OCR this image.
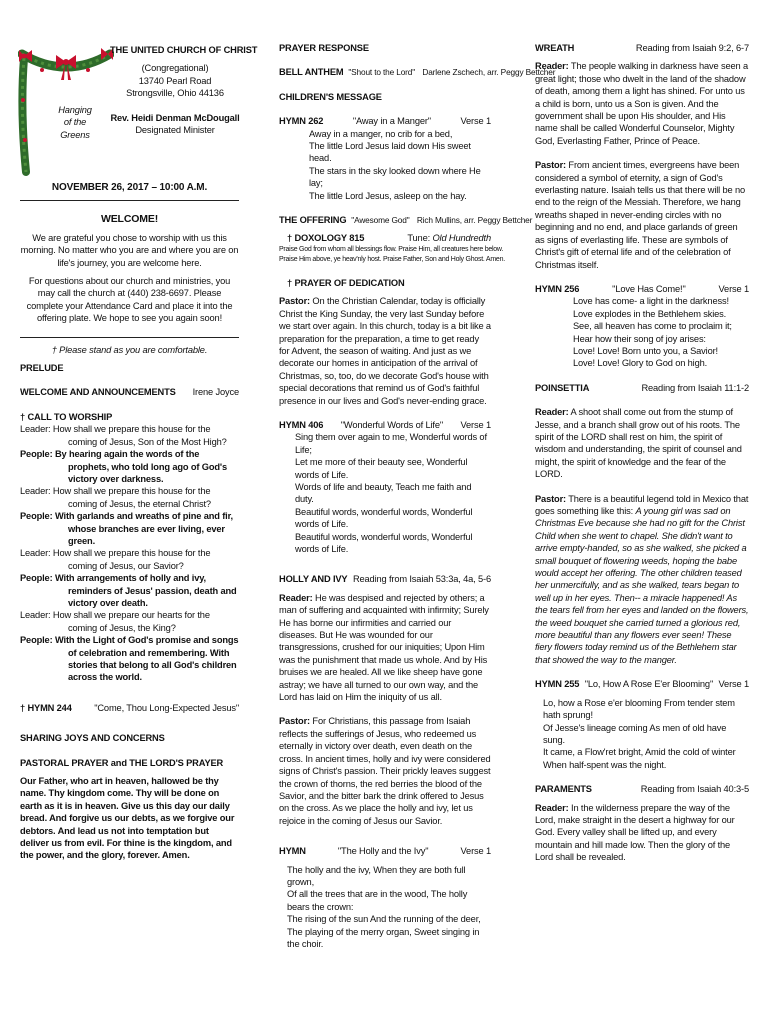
Hanging
of the
Greens
THE UNITED CHURCH OF CHRIST
(Congregational)
13740 Pearl Road
Strongsville, Ohio 44136
Rev. Heidi Denman McDougall
Designated Minister
NOVEMBER 26, 2017 – 10:00 A.M.
WELCOME!
We are grateful you chose to worship with us this morning. No matter who you are and where you are on life's journey, you are welcome here.
For questions about our church and ministries, you may call the church at (440) 238-6697. Please complete your Attendance Card and place it into the offering plate. We hope to see you again soon!
† Please stand as you are comfortable.
PRELUDE
WELCOME AND ANNOUNCEMENTS Irene Joyce
† CALL TO WORSHIP
Leader: How shall we prepare this house for the coming of Jesus, Son of the Most High?
People: By hearing again the words of the prophets, who told long ago of God's victory over darkness.
Leader: How shall we prepare this house for the coming of Jesus, the eternal Christ?
People: With garlands and wreaths of pine and fir, whose branches are ever living, ever green.
Leader: How shall we prepare this house for the coming of Jesus, our Savior?
People: With arrangements of holly and ivy, reminders of Jesus' passion, death and victory over death.
Leader: How shall we prepare our hearts for the coming of Jesus, the King?
People: With the Light of God's promise and songs of celebration and remembering. With stories that belong to all God's children across the world.
† HYMN 244 "Come, Thou Long-Expected Jesus"
SHARING JOYS AND CONCERNS
PASTORAL PRAYER and THE LORD'S PRAYER
Our Father, who art in heaven, hallowed be thy name. Thy kingdom come. Thy will be done on earth as it is in heaven. Give us this day our daily bread. And forgive us our debts, as we forgive our debtors. And lead us not into temptation but deliver us from evil. For thine is the kingdom, and the power, and the glory, forever. Amen.
PRAYER RESPONSE
BELL ANTHEM "Shout to the Lord" Darlene Zschech, arr. Peggy Bettcher
CHILDREN'S MESSAGE
HYMN 262	"Away in a Manger"	Verse 1
Away in a manger, no crib for a bed,
The little Lord Jesus laid down His sweet head.
The stars in the sky looked down where He lay;
The little Lord Jesus, asleep on the hay.
THE OFFERING "Awesome God" Rich Mullins, arr. Peggy Bettcher
† DOXOLOGY 815	Tune: Old Hundredth
Praise God from whom all blessings flow. Praise Him, all creatures here below.
Praise Him above, ye heav'nly host. Praise Father, Son and Holy Ghost. Amen.
† PRAYER OF DEDICATION
Pastor: On the Christian Calendar, today is officially Christ the King Sunday, the very last Sunday before we start over again. In this church, today is a bit like a preparation for the preparation, a time to get ready for Advent, the season of waiting. And just as we decorate our homes in anticipation of the arrival of Christmas, so, too, do we decorate God's house with special decorations that remind us of God's faithful presence in our lives and God's never-ending grace.
HYMN 406 "Wonderful Words of Life" Verse 1
Sing them over again to me, Wonderful words of Life;
Let me more of their beauty see, Wonderful words of Life.
Words of life and beauty, Teach me faith and duty.
Beautiful words, wonderful words, Wonderful words of Life.
Beautiful words, wonderful words, Wonderful words of Life.
HOLLY AND IVY Reading from Isaiah 53:3a, 4a, 5-6
Reader: He was despised and rejected by others; a man of suffering and acquainted with infirmity; Surely He has borne our infirmities and carried our diseases. But He was wounded for our transgressions, crushed for our iniquities; Upon Him was the punishment that made us whole. And by His bruises we are healed. All we like sheep have gone astray; we have all turned to our own way, and the Lord has laid on Him the iniquity of us all.
Pastor: For Christians, this passage from Isaiah reflects the sufferings of Jesus, who redeemed us eternally in victory over death, even death on the cross. In ancient times, holly and ivy were considered signs of Christ's passion. Their prickly leaves suggest the crown of thorns, the red berries the blood of the Savior, and the bitter bark the drink offered to Jesus on the cross. As we place the holly and ivy, let us rejoice in the coming of Jesus our Savior.
HYMN	"The Holly and the Ivy"	Verse 1
The holly and the ivy, When they are both full grown,
Of all the trees that are in the wood, The holly bears the crown:
The rising of the sun And the running of the deer,
The playing of the merry organ, Sweet singing in the choir.
WREATH	Reading from Isaiah 9:2, 6-7
Reader: The people walking in darkness have seen a great light; those who dwelt in the land of the shadow of death, among them a light has shined. For unto us a child is born, unto us a Son is given. And the government shall be upon His shoulder, and His name shall be called Wonderful Counselor, Mighty God, Everlasting Father, Prince of Peace.
Pastor: From ancient times, evergreens have been considered a symbol of eternity, a sign of God's everlasting nature. Isaiah tells us that there will be no end to the reign of the Messiah. Therefore, we hang wreaths shaped in never-ending circles with no beginning and no end, and place garlands of green as signs of everlasting life. These are symbols of Christ's gift of eternal life and of the celebration of Christmas itself.
HYMN 256	"Love Has Come!"	Verse 1
Love has come- a light in the darkness!
Love explodes in the Bethlehem skies.
See, all heaven has come to proclaim it;
Hear how their song of joy arises:
Love! Love! Born unto you, a Savior!
Love! Love! Glory to God on high.
POINSETTIA	Reading from Isaiah 11:1-2
Reader: A shoot shall come out from the stump of Jesse, and a branch shall grow out of his roots. The spirit of the LORD shall rest on him, the spirit of wisdom and understanding, the spirit of counsel and might, the spirit of knowledge and the fear of the LORD.
Pastor: There is a beautiful legend told in Mexico that goes something like this: A young girl was sad on Christmas Eve because she had no gift for the Christ Child when she went to chapel. She didn't want to arrive empty-handed, so as she walked, she picked a small bouquet of flowering weeds, hoping the babe would accept her offering. The other children teased her unmercifully, and as she walked, tears began to well up in her eyes. Then-- a miracle happened! As the tears fell from her eyes and landed on the flowers, the weed bouquet she carried turned a glorious red, more beautiful than any flowers ever seen! These fiery flowers today remind us of the Bethlehem star that showed the way to the manger.
HYMN 255 "Lo, How A Rose E'er Blooming" Verse 1
Lo, how a Rose e'er blooming From tender stem hath sprung!
Of Jesse's lineage coming As men of old have sung.
It came, a Flow'ret bright, Amid the cold of winter
When half-spent was the night.
PARAMENTS	Reading from Isaiah 40:3-5
Reader: In the wilderness prepare the way of the Lord, make straight in the desert a highway for our God. Every valley shall be lifted up, and every mountain and hill made low. Then the glory of the Lord shall be revealed.
